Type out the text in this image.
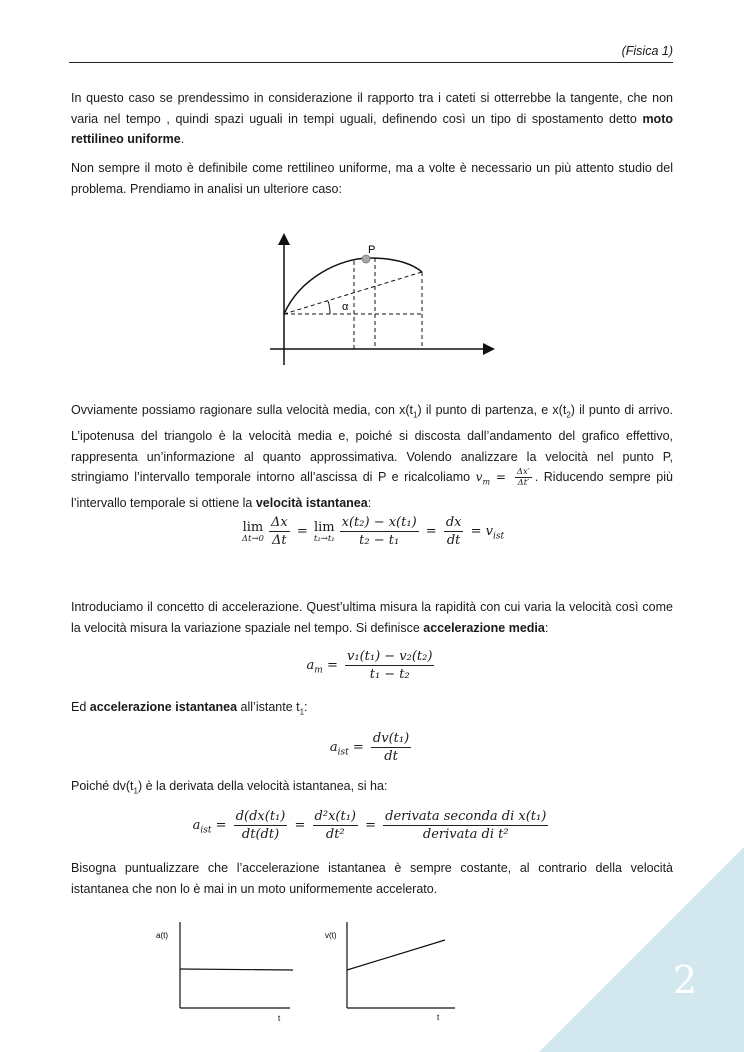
(Fisica 1)

In questo caso se prendessimo in considerazione il rapporto tra i cateti si otterrebbe la tangente, che non varia nel tempo , quindi spazi uguali in tempi uguali, definendo così un tipo di spostamento detto moto rettilineo uniforme.

Non sempre il moto è definibile come rettilineo uniforme, ma a volte è necessario un più attento studio del problema. Prendiamo in analisi un ulteriore caso:

P
α

Ovviamente possiamo ragionare sulla velocità media, con $x(t_1)$ il punto di partenza, e $x(t_2)$ il punto di arrivo. L’ipotenusa del triangolo è la velocità media e, poiché si discosta dall’andamento del grafico effettivo, rappresenta un’informazione al quanto approssimativa. Volendo analizzare la velocità nel punto P, stringiamo l’intervallo temporale intorno all’ascissa di P e ricalcoliamo $v_m = \frac{\Delta x'}{\Delta t'}$ . Riducendo sempre più l’intervallo temporale si ottiene la velocità istantanea:

lim
$\Delta t\to 0 \frac{\Delta x}{\Delta t} = \lim$
$t_2\to t_1 \frac{\text{x(t₂) − x(t₁)}}{\text{t₂ − t₁}} = \frac{dx}{dt} = v_{ist}$

Introduciamo il concetto di accelerazione. Quest’ultima misura la rapidità con cui varia la velocità così come la velocità misura la variazione spaziale nel tempo. Si definisce accelerazione media:

$a_m = \frac{\text{v₁(t₁) − v₂(t₂)}}{\text{t₁ − t₂}}$

Ed accelerazione istantanea all’istante $t_1$:

$a_{ist} = \frac{\text{dv(t₁)}}{dt}$

Poiché $dv(t_1)$ è la derivata della velocità istantanea, si ha:

$a_{ist} = \frac{\text{d(dx(t₁)}}{dt(dt)} = \frac{\text{d²x(t₁)}}{\text{dt²}} = \frac{\text{derivata seconda di x(t₁)}}{\text{derivata di t²}}$

Bisogna puntualizzare che l’accelerazione istantanea è sempre costante, al contrario della velocità istantanea che non lo è mai in un moto uniformemente accelerato.

2
a(t)
t
v(t)
t
